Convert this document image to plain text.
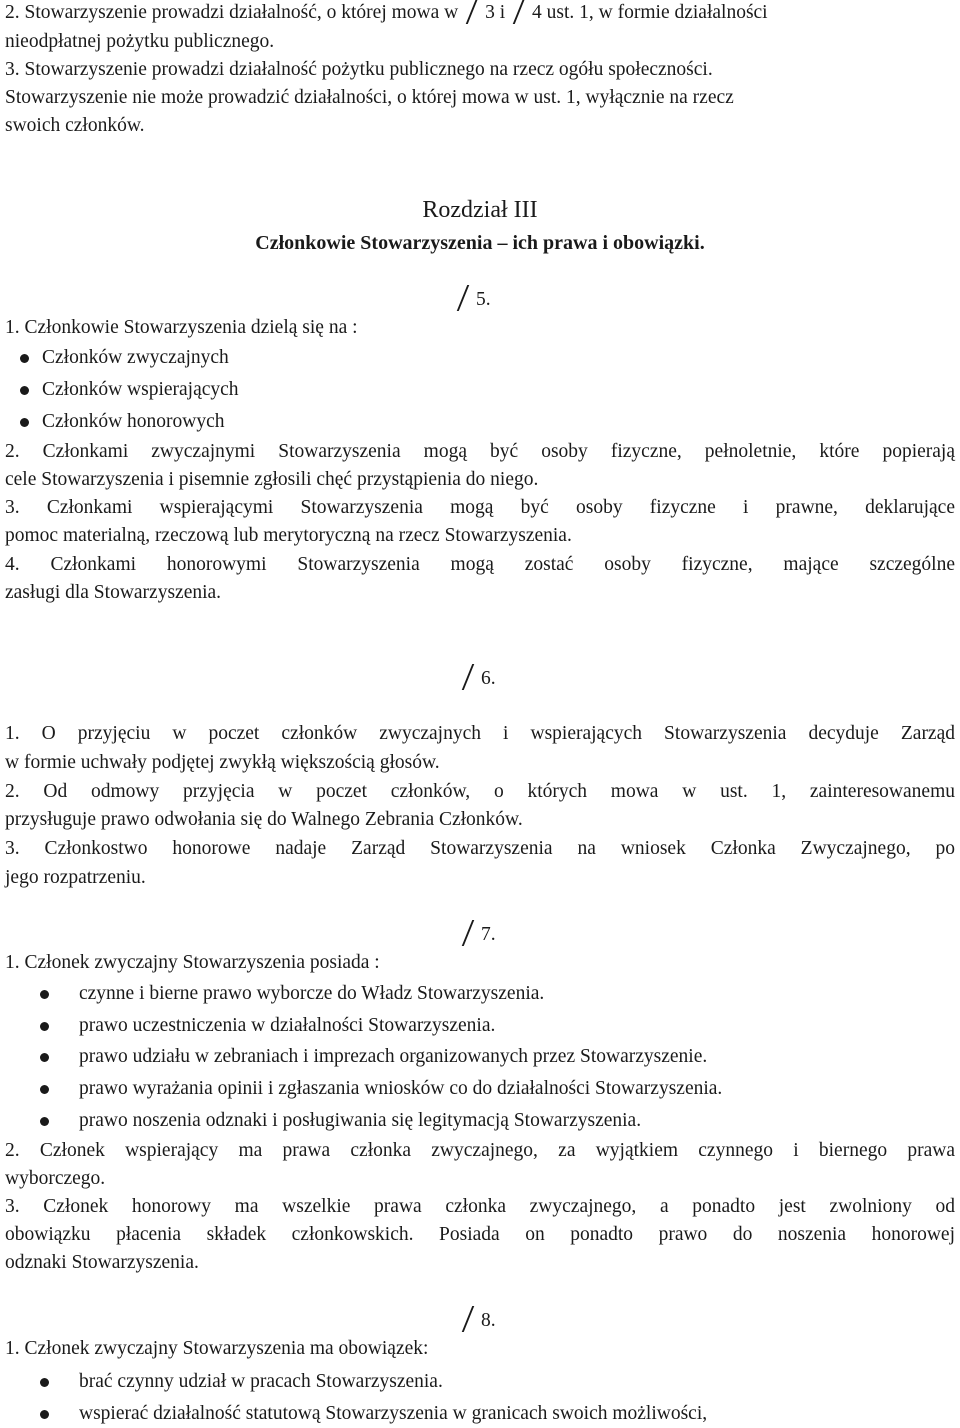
2. Stowarzyszenie prowadzi działalność, o której mowa w 3 i 4 ust. 1, w formie działalności
nieodpłatnej pożytku publicznego.
3. Stowarzyszenie prowadzi działalność pożytku publicznego na rzecz ogółu społeczności.
Stowarzyszenie nie może prowadzić działalności, o której mowa w ust. 1, wyłącznie na rzecz
swoich członków.
Rozdział III
Członkowie Stowarzyszenia – ich prawa i obowiązki.
5.
1. Członkowie Stowarzyszenia dzielą się na :
Członków zwyczajnych
Członków wspierających
Członków honorowych
2. Członkami zwyczajnymi Stowarzyszenia mogą być osoby fizyczne, pełnoletnie, które popierają
cele Stowarzyszenia i pisemnie zgłosili chęć przystąpienia do niego.
3. Członkami wspierającymi Stowarzyszenia mogą być osoby fizyczne i prawne, deklarujące
pomoc materialną, rzeczową lub merytoryczną na rzecz Stowarzyszenia.
4. Członkami honorowymi Stowarzyszenia mogą zostać osoby fizyczne, mające szczególne
zasługi dla Stowarzyszenia.
6.
1. O przyjęciu w poczet członków zwyczajnych i wspierających Stowarzyszenia decyduje Zarząd
w formie uchwały podjętej zwykłą większością głosów.
2. Od odmowy przyjęcia w poczet członków, o których mowa w ust. 1, zainteresowanemu
przysługuje prawo odwołania się do Walnego Zebrania Członków.
3. Członkostwo honorowe nadaje Zarząd Stowarzyszenia na wniosek Członka Zwyczajnego, po
jego rozpatrzeniu.
7.
1. Członek zwyczajny Stowarzyszenia posiada :
czynne i bierne prawo wyborcze do Władz Stowarzyszenia.
prawo uczestniczenia w działalności Stowarzyszenia.
prawo udziału w zebraniach i imprezach organizowanych przez Stowarzyszenie.
prawo wyrażania opinii i zgłaszania wniosków co do działalności Stowarzyszenia.
prawo noszenia odznaki i posługiwania się legitymacją Stowarzyszenia.
2. Członek wspierający ma prawa członka zwyczajnego, za wyjątkiem czynnego i biernego prawa
wyborczego.
3. Członek honorowy ma wszelkie prawa członka zwyczajnego, a ponadto jest zwolniony od
obowiązku płacenia składek członkowskich. Posiada on ponadto prawo do noszenia honorowej
odznaki Stowarzyszenia.
8.
1. Członek zwyczajny Stowarzyszenia ma obowiązek:
brać czynny udział w pracach Stowarzyszenia.
wspierać działalność statutową Stowarzyszenia w granicach swoich możliwości,
